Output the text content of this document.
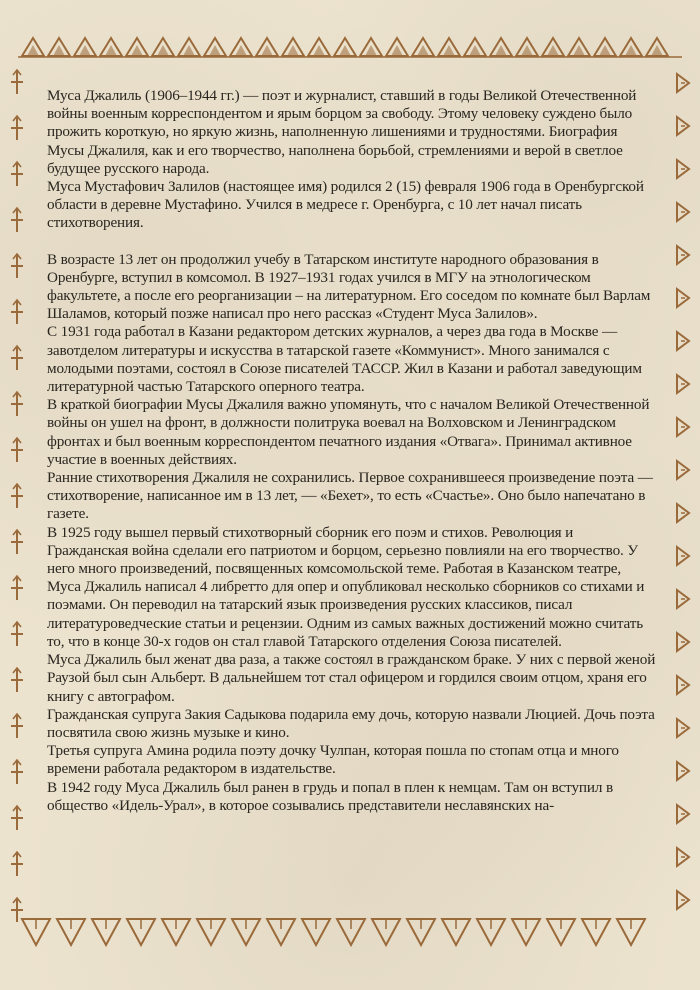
Муса Джалиль (1906–1944 гг.) — поэт и журналист, ставший в годы Великой Отечественной войны военным корреспондентом и ярым борцом за свободу. Этому человеку суждено было прожить короткую, но яркую жизнь, наполненную лишениями и трудностями. Биография Мусы Джалиля, как и его творчество, наполнена борьбой, стремлениями и верой в светлое будущее русского народа.

Муса Мустафович Залилов (настоящее имя) родился 2 (15) февраля 1906 года в Оренбургской области в деревне Мустафино. Учился в медресе г. Оренбурга, с 10 лет начал писать стихотворения.

В возрасте 13 лет он продолжил учебу в Татарском институте народного образования в Оренбурге, вступил в комсомол. В 1927–1931 годах учился в МГУ на этнологическом факультете, а после его реорганизации – на литературном. Его соседом по комнате был Варлам Шаламов, который позже написал про него рассказ «Студент Муса Залилов».

С 1931 года работал в Казани редактором детских журналов, а через два года в Москве — завотделом литературы и искусства в татарской газете «Коммунист». Много занимался с молодыми поэтами, состоял в Союзе писателей ТАССР. Жил в Казани и работал заведующим литературной частью Татарского оперного театра.

В краткой биографии Мусы Джалиля важно упомянуть, что с началом Великой Отечественной войны он ушел на фронт, в должности политрука воевал на Волховском и Ленинградском фронтах и был военным корреспондентом печатного издания «Отвага». Принимал активное участие в военных действиях.

Ранние стихотворения Джалиля не сохранились. Первое сохранившееся произведение поэта — стихотворение, написанное им в 13 лет, — «Бехет», то есть «Счастье». Оно было напечатано в газете.

В 1925 году вышел первый стихотворный сборник его поэм и стихов. Революция и Гражданская война сделали его патриотом и борцом, серьезно повлияли на его творчество. У него много произведений, посвященных комсомольской теме. Работая в Казанском театре, Муса Джалиль написал 4 либретто для опер и опубликовал несколько сборников со стихами и поэмами. Он переводил на татарский язык произведения русских классиков, писал литературоведческие статьи и рецензии. Одним из самых важных достижений можно считать то, что в конце 30-х годов он стал главой Татарского отделения Союза писателей.

Муса Джалиль был женат два раза, а также состоял в гражданском браке. У них с первой женой Раузой был сын Альберт. В дальнейшем тот стал офицером и гордился своим отцом, храня его книгу с автографом.

Гражданская супруга Закия Садыкова подарила ему дочь, которую назвали Люцией. Дочь поэта посвятила свою жизнь музыке и кино.

Третья супруга Амина родила поэту дочку Чулпан, которая пошла по стопам отца и много времени работала редактором в издательстве.

В 1942 году Муса Джалиль был ранен в грудь и попал в плен к немцам. Там он вступил в общество «Идель-Урал», в которое созывались представители неславянских на-
